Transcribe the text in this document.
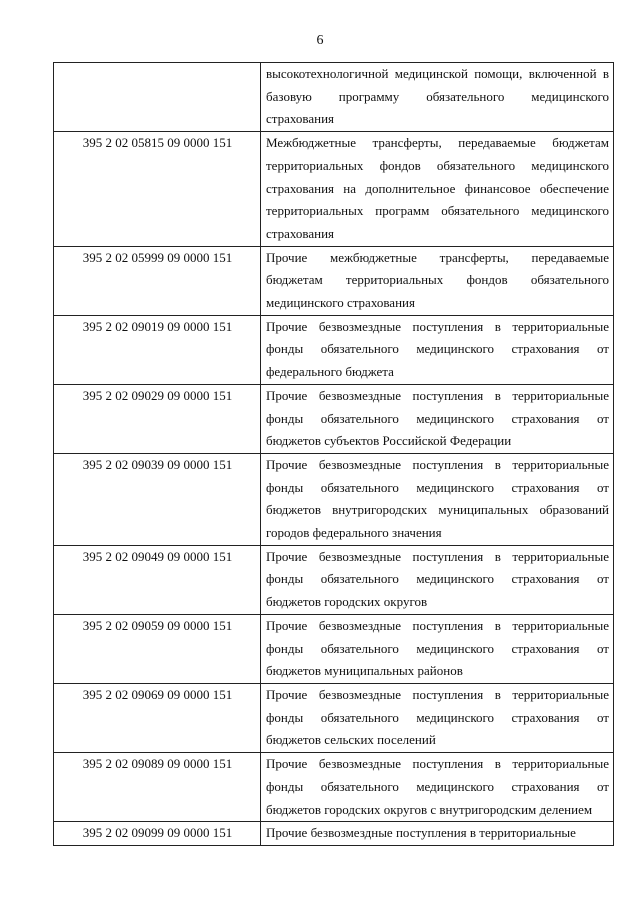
6
	высокотехнологичной медицинской помощи, включенной в базовую программу обязательного медицинского страхования
395 2 02 05815 09 0000 151	Межбюджетные трансферты, передаваемые бюджетам территориальных фондов обязательного медицинского страхования на дополнительное финансовое обеспечение территориальных программ обязательного медицинского страхования
395 2 02 05999 09 0000 151	Прочие межбюджетные трансферты, передаваемые бюджетам территориальных фондов обязательного медицинского страхования
395 2 02 09019 09 0000 151	Прочие безвозмездные поступления в территориальные фонды обязательного медицинского страхования от федерального бюджета
395 2 02 09029 09 0000 151	Прочие безвозмездные поступления в территориальные фонды обязательного медицинского страхования от бюджетов субъектов Российской Федерации
395 2 02 09039 09 0000 151	Прочие безвозмездные поступления в территориальные фонды обязательного медицинского страхования от бюджетов внутригородских муниципальных образований городов федерального значения
395 2 02 09049 09 0000 151	Прочие безвозмездные поступления в территориальные фонды обязательного медицинского страхования от бюджетов городских округов
395 2 02 09059 09 0000 151	Прочие безвозмездные поступления в территориальные фонды обязательного медицинского страхования от бюджетов муниципальных районов
395 2 02 09069 09 0000 151	Прочие безвозмездные поступления в территориальные фонды обязательного медицинского страхования от бюджетов сельских поселений
395 2 02 09089 09 0000 151	Прочие безвозмездные поступления в территориальные фонды обязательного медицинского страхования от бюджетов городских округов с внутригородским делением
395 2 02 09099 09 0000 151	Прочие безвозмездные поступления в территориальные
